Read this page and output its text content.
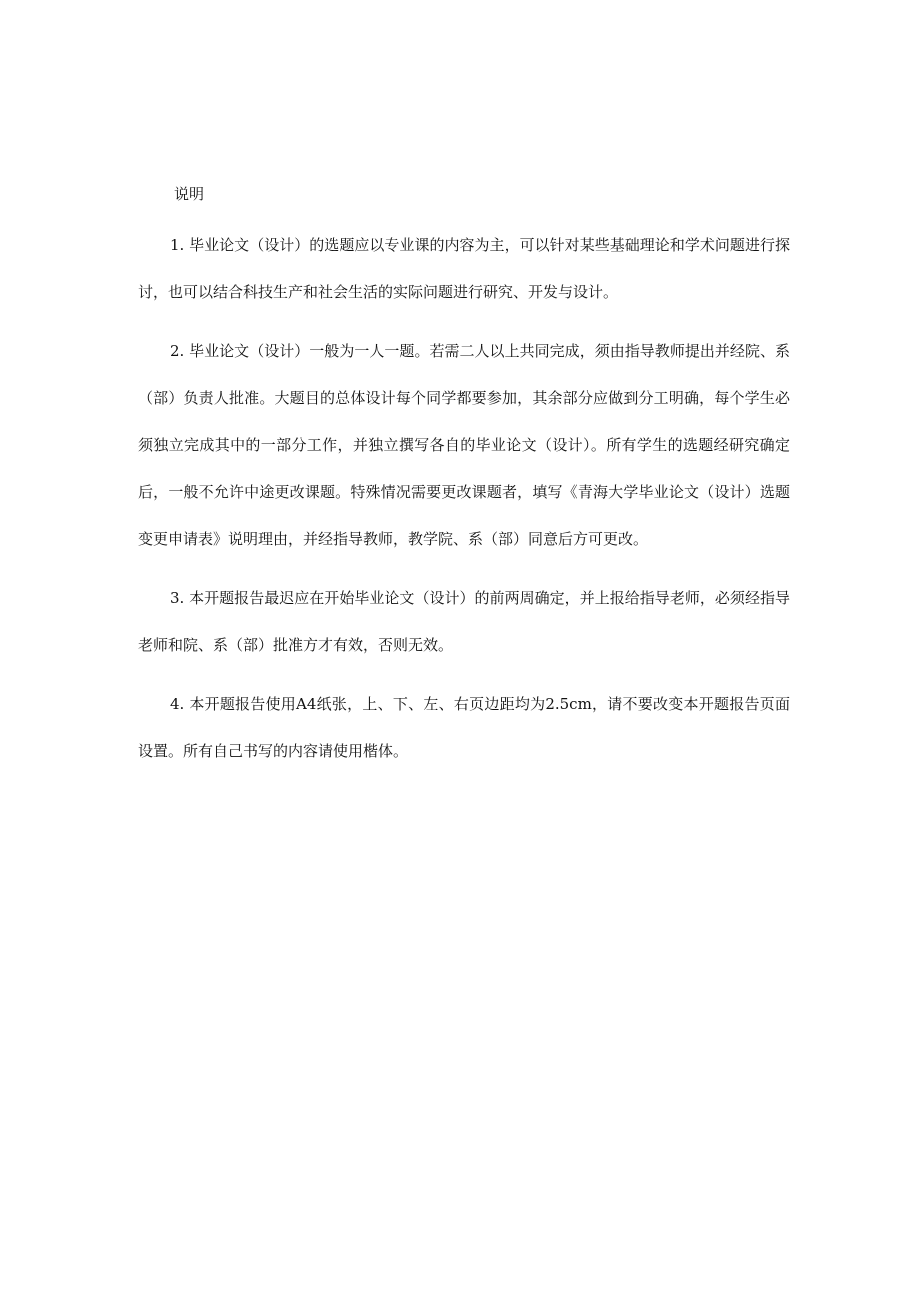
说明

1. 毕业论文（设计）的选题应以专业课的内容为主，可以针对某些基础理论和学术问题进行探讨，也可以结合科技生产和社会生活的实际问题进行研究、开发与设计。

2. 毕业论文（设计）一般为一人一题。若需二人以上共同完成，须由指导教师提出并经院、系（部）负责人批准。大题目的总体设计每个同学都要参加，其余部分应做到分工明确，每个学生必须独立完成其中的一部分工作，并独立撰写各自的毕业论文（设计）。所有学生的选题经研究确定后，一般不允许中途更改课题。特殊情况需要更改课题者，填写《青海大学毕业论文（设计）选题变更申请表》说明理由，并经指导教师，教学院、系（部）同意后方可更改。

3. 本开题报告最迟应在开始毕业论文（设计）的前两周确定，并上报给指导老师，必须经指导老师和院、系（部）批准方才有效，否则无效。

4. 本开题报告使用A4纸张，上、下、左、右页边距均为2.5cm，请不要改变本开题报告页面设置。所有自己书写的内容请使用楷体。
